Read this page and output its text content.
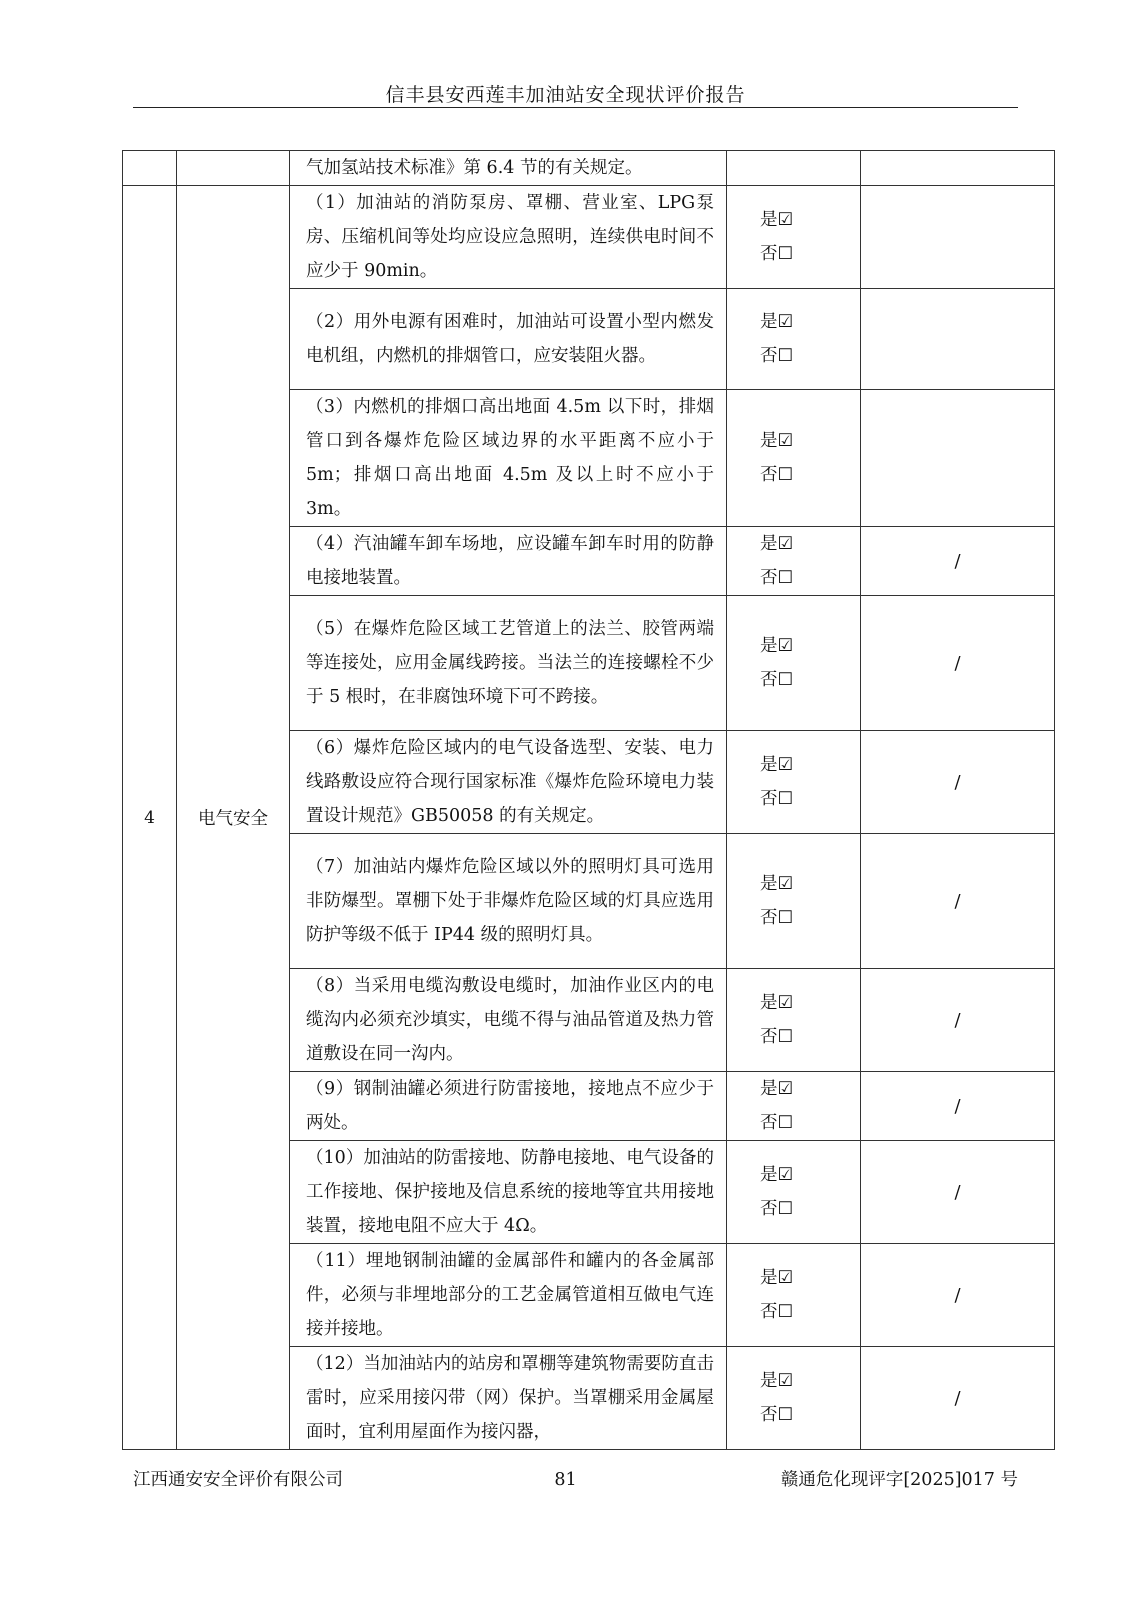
信丰县安西莲丰加油站安全现状评价报告
		气加氢站技术标准》第 6.4 节的有关规定。		
4	电气安全	（1）加油站的消防泵房、罩棚、营业室、LPG泵房、压缩机间等处均应设应急照明，连续供电时间不应少于 90min。	是☑
否☐	

		（2）用外电源有困难时，加油站可设置小型内燃发电机组，内燃机的排烟管口，应安装阻火器。	是☑
否☐	

		（3）内燃机的排烟口高出地面 4.5m 以下时，排烟管口到各爆炸危险区域边界的水平距离不应小于 5m；排烟口高出地面 4.5m 及以上时不应小于 3m。	是☑
否☐	

		（4）汽油罐车卸车场地，应设罐车卸车时用的防静电接地装置。	是☑
否☐	/
		（5）在爆炸危险区域工艺管道上的法兰、胶管两端等连接处，应用金属线跨接。当法兰的连接螺栓不少于 5 根时，在非腐蚀环境下可不跨接。	是☑
否☐	/
		（6）爆炸危险区域内的电气设备选型、安装、电力线路敷设应符合现行国家标准《爆炸危险环境电力装置设计规范》GB50058 的有关规定。	是☑
否☐	/
		（7）加油站内爆炸危险区域以外的照明灯具可选用非防爆型。罩棚下处于非爆炸危险区域的灯具应选用防护等级不低于 IP44 级的照明灯具。	是☑
否☐	/
		（8）当采用电缆沟敷设电缆时，加油作业区内的电缆沟内必须充沙填实，电缆不得与油品管道及热力管道敷设在同一沟内。	是☑
否☐	/
		（9）钢制油罐必须进行防雷接地，接地点不应少于两处。	是☑
否☐	/
		（10）加油站的防雷接地、防静电接地、电气设备的工作接地、保护接地及信息系统的接地等宜共用接地装置，接地电阻不应大于 4Ω。	是☑
否☐	/
		（11）埋地钢制油罐的金属部件和罐内的各金属部件，必须与非埋地部分的工艺金属管道相互做电气连接并接地。	是☑
否☐	/
		（12）当加油站内的站房和罩棚等建筑物需要防直击雷时，应采用接闪带（网）保护。当罩棚采用金属屋面时，宜利用屋面作为接闪器，	是☑
否☐	/
江西通安安全评价有限公司	81	赣通危化现评字[2025]017 号
